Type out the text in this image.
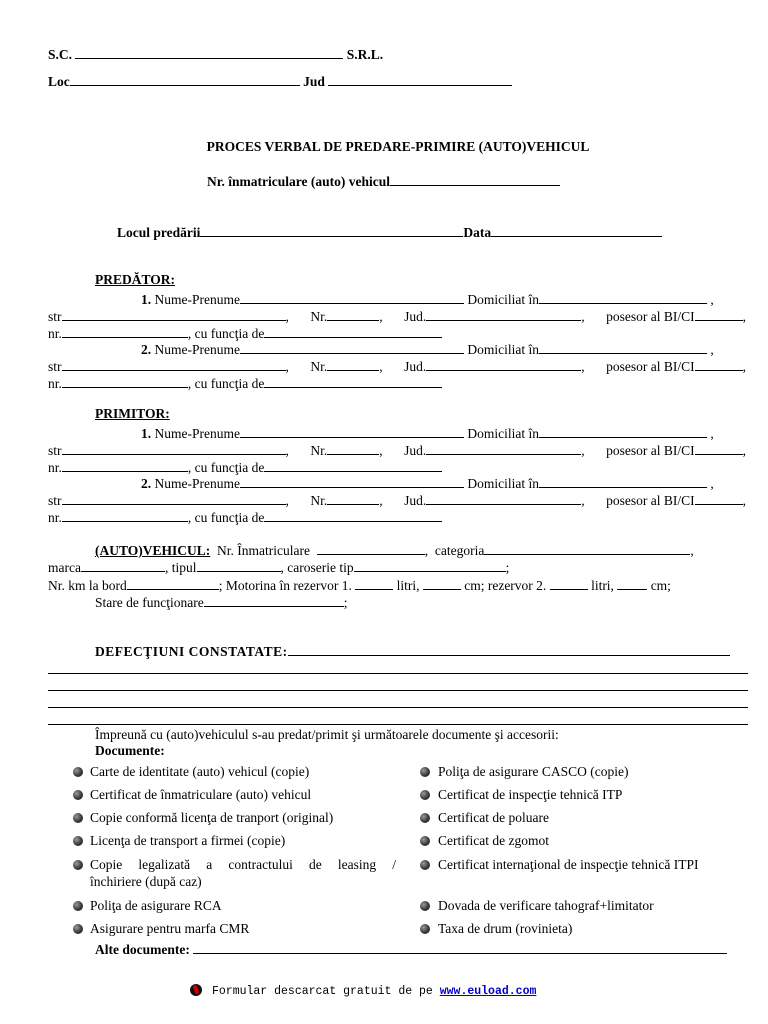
S.C.	S.R.L.
Loc	Jud
PROCES VERBAL DE PREDARE-PRIMIRE (AUTO)VEHICUL
Nr. înmatriculare (auto) vehicul
Locul predării	Data
PREDĂTOR:
1. Nume-Prenume	Domiciliat în	,
str	, Nr.	, Jud.	, posesor al BI/CI	,
nr.	, cu funcţia de
2. Nume-Prenume	Domiciliat în	,
str	, Nr.	, Jud.	, posesor al BI/CI	,
nr.	, cu funcţia de
PRIMITOR:
1. Nume-Prenume	Domiciliat în	,
str	, Nr.	, Jud.	, posesor al BI/CI	,
nr.	, cu funcţia de
2. Nume-Prenume	Domiciliat în	,
str	, Nr.	, Jud.	, posesor al BI/CI	,
nr.	, cu funcţia de
(AUTO)VEHICUL: Nr. Înmatriculare	,  categoria	,
marca	, tipul	, caroserie tip	;
Nr. km la bord	; Motorina în rezervor 1.	litri,	cm; rezervor 2.	litri,	cm;
Stare de funcţionare	;
DEFECŢIUNI CONSTATATE:
Împreună cu (auto)vehiculul s-au predat/primit şi următoarele documente şi accesorii:
Documente:
Carte de identitate (auto) vehicul (copie)
Certificat de înmatriculare (auto) vehicul
Copie conformă licenţa de tranport (original)
Licenţa de transport a firmei (copie)
Copie legalizată a contractului de leasing /
închiriere (după caz)
Poliţa de asigurare RCA
Asigurare pentru marfa CMR
Poliţa de asigurare CASCO (copie)
Certificat de inspecţie tehnică ITP
Certificat de poluare
Certificat de zgomot
Certificat internaţional de inspecţie tehnică ITPI
Dovada de verificare tahograf+limitator
Taxa de drum (rovinieta)
Alte documente:
Formular descarcat gratuit de pe www.euload.com
